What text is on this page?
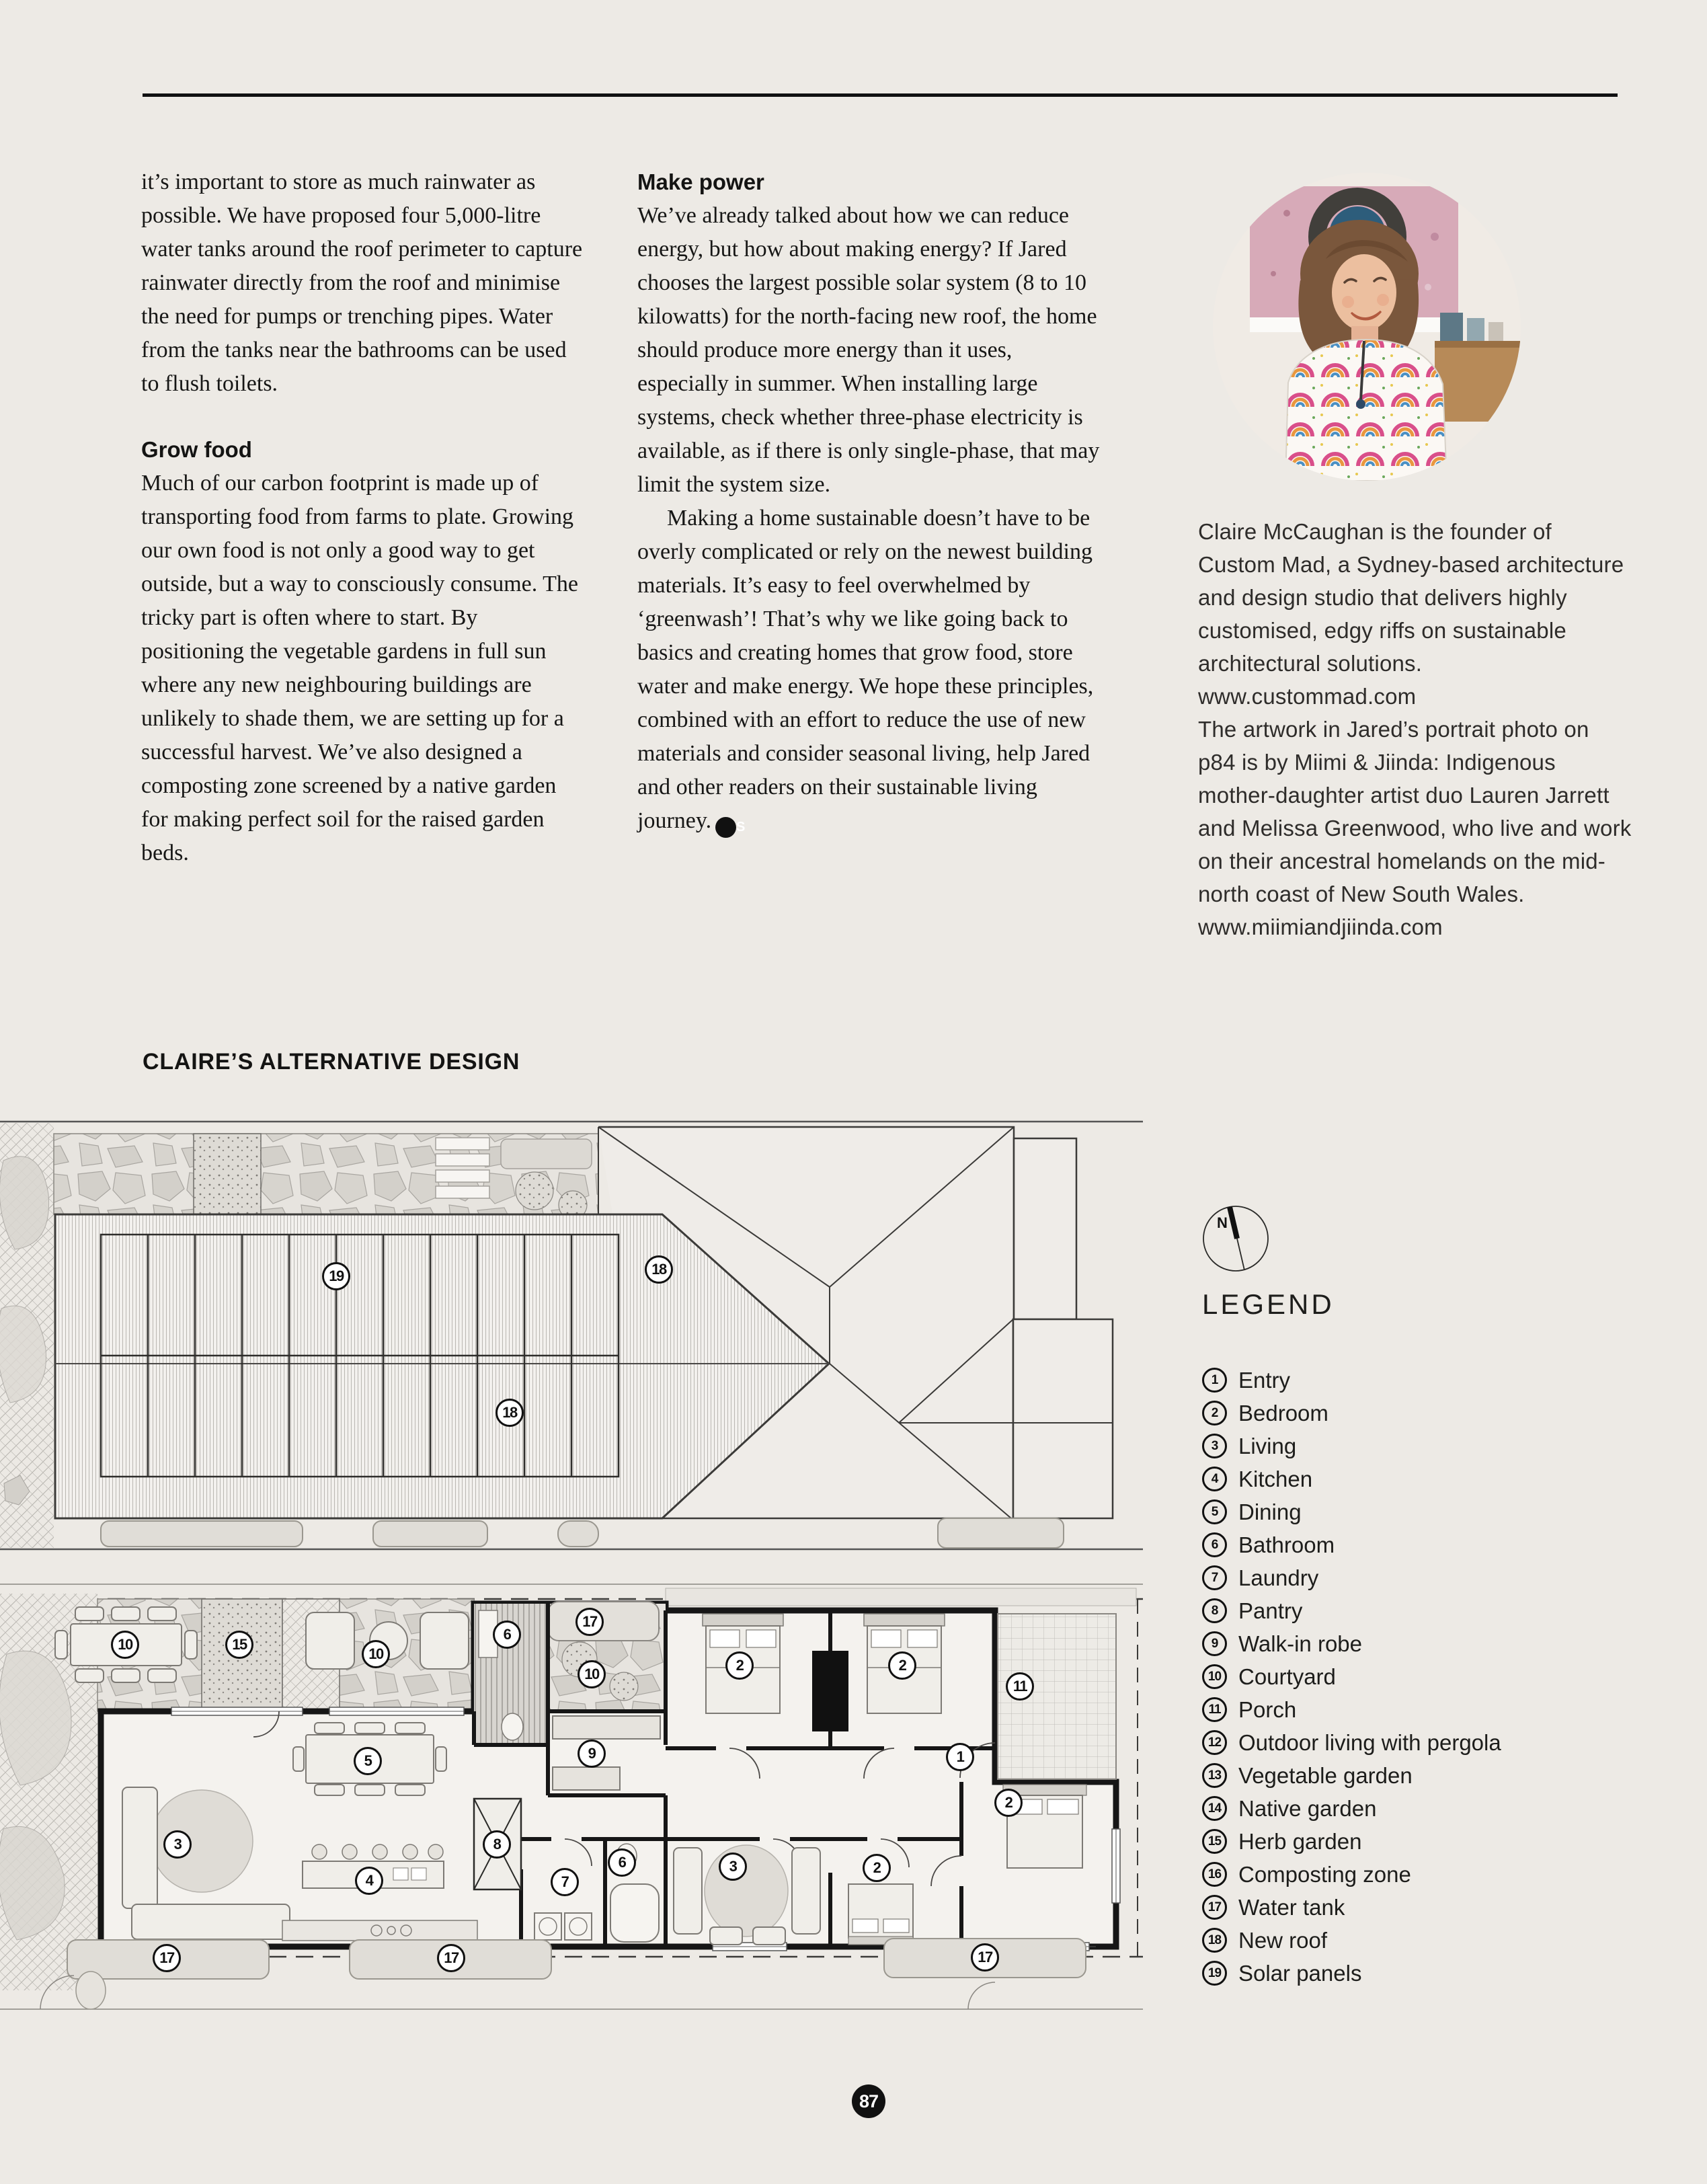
it’s important to store as much rainwater as possible. We have proposed four 5,000-litre water tanks around the roof perimeter to capture rainwater directly from the roof and minimise the need for pumps or trenching pipes. Water from the tanks near the bathrooms can be used to flush toilets.

Grow food

Much of our carbon footprint is made up of transporting food from farms to plate. Growing our own food is not only a good way to get outside, but a way to consciously consume. The tricky part is often where to start. By positioning the vegetable gardens in full sun where any new neighbouring buildings are unlikely to shade them, we are setting up for a successful harvest. We’ve also designed a composting zone screened by a native garden for making perfect soil for the raised garden beds.

Make power

We’ve already talked about how we can reduce energy, but how about making energy? If Jared chooses the largest possible solar system (8 to 10 kilowatts) for the north-facing new roof, the home should produce more energy than it uses, especially in summer. When installing large systems, check whether three-phase electricity is available, as if there is only single-phase, that may limit the system size.

Making a home sustainable doesn’t have to be overly complicated or rely on the newest building materials. It’s easy to feel overwhelmed by ‘greenwash’! That’s why we like going back to basics and creating homes that grow food, store water and make energy. We hope these principles, combined with an effort to reduce the use of new materials and consider seasonal living, help Jared and other readers on their sustainable living journey. S

Claire McCaughan is the founder of Custom Mad, a Sydney-based architecture and design studio that delivers highly customised, edgy riffs on sustainable architectural solutions. www.custommad.com

The artwork in Jared’s portrait photo on p84 is by Miimi & Jiinda: Indigenous mother-daughter artist duo Lauren Jarrett and Melissa Greenwood, who live and work on their ancestral homelands on the mid-north coast of New South Wales. www.miimiandjiinda.com

CLAIRE’S ALTERNATIVE DESIGN
19	18
18
N
LEGEND
1 Entry
2 Bedroom
3 Living
4 Kitchen
5 Dining
6 Bathroom
7 Laundry
8 Pantry
9 Walk-in robe
10 Courtyard
11 Porch
12 Outdoor living with pergola
13 Vegetable garden
14 Native garden
15 Herb garden
16 Composting zone
17 Water tank
18 New roof
19 Solar panels
17
10	15
10
6
10
9
5
3
4
8
7
6
2	2
11
1
3	2
2
17	17	17
87
